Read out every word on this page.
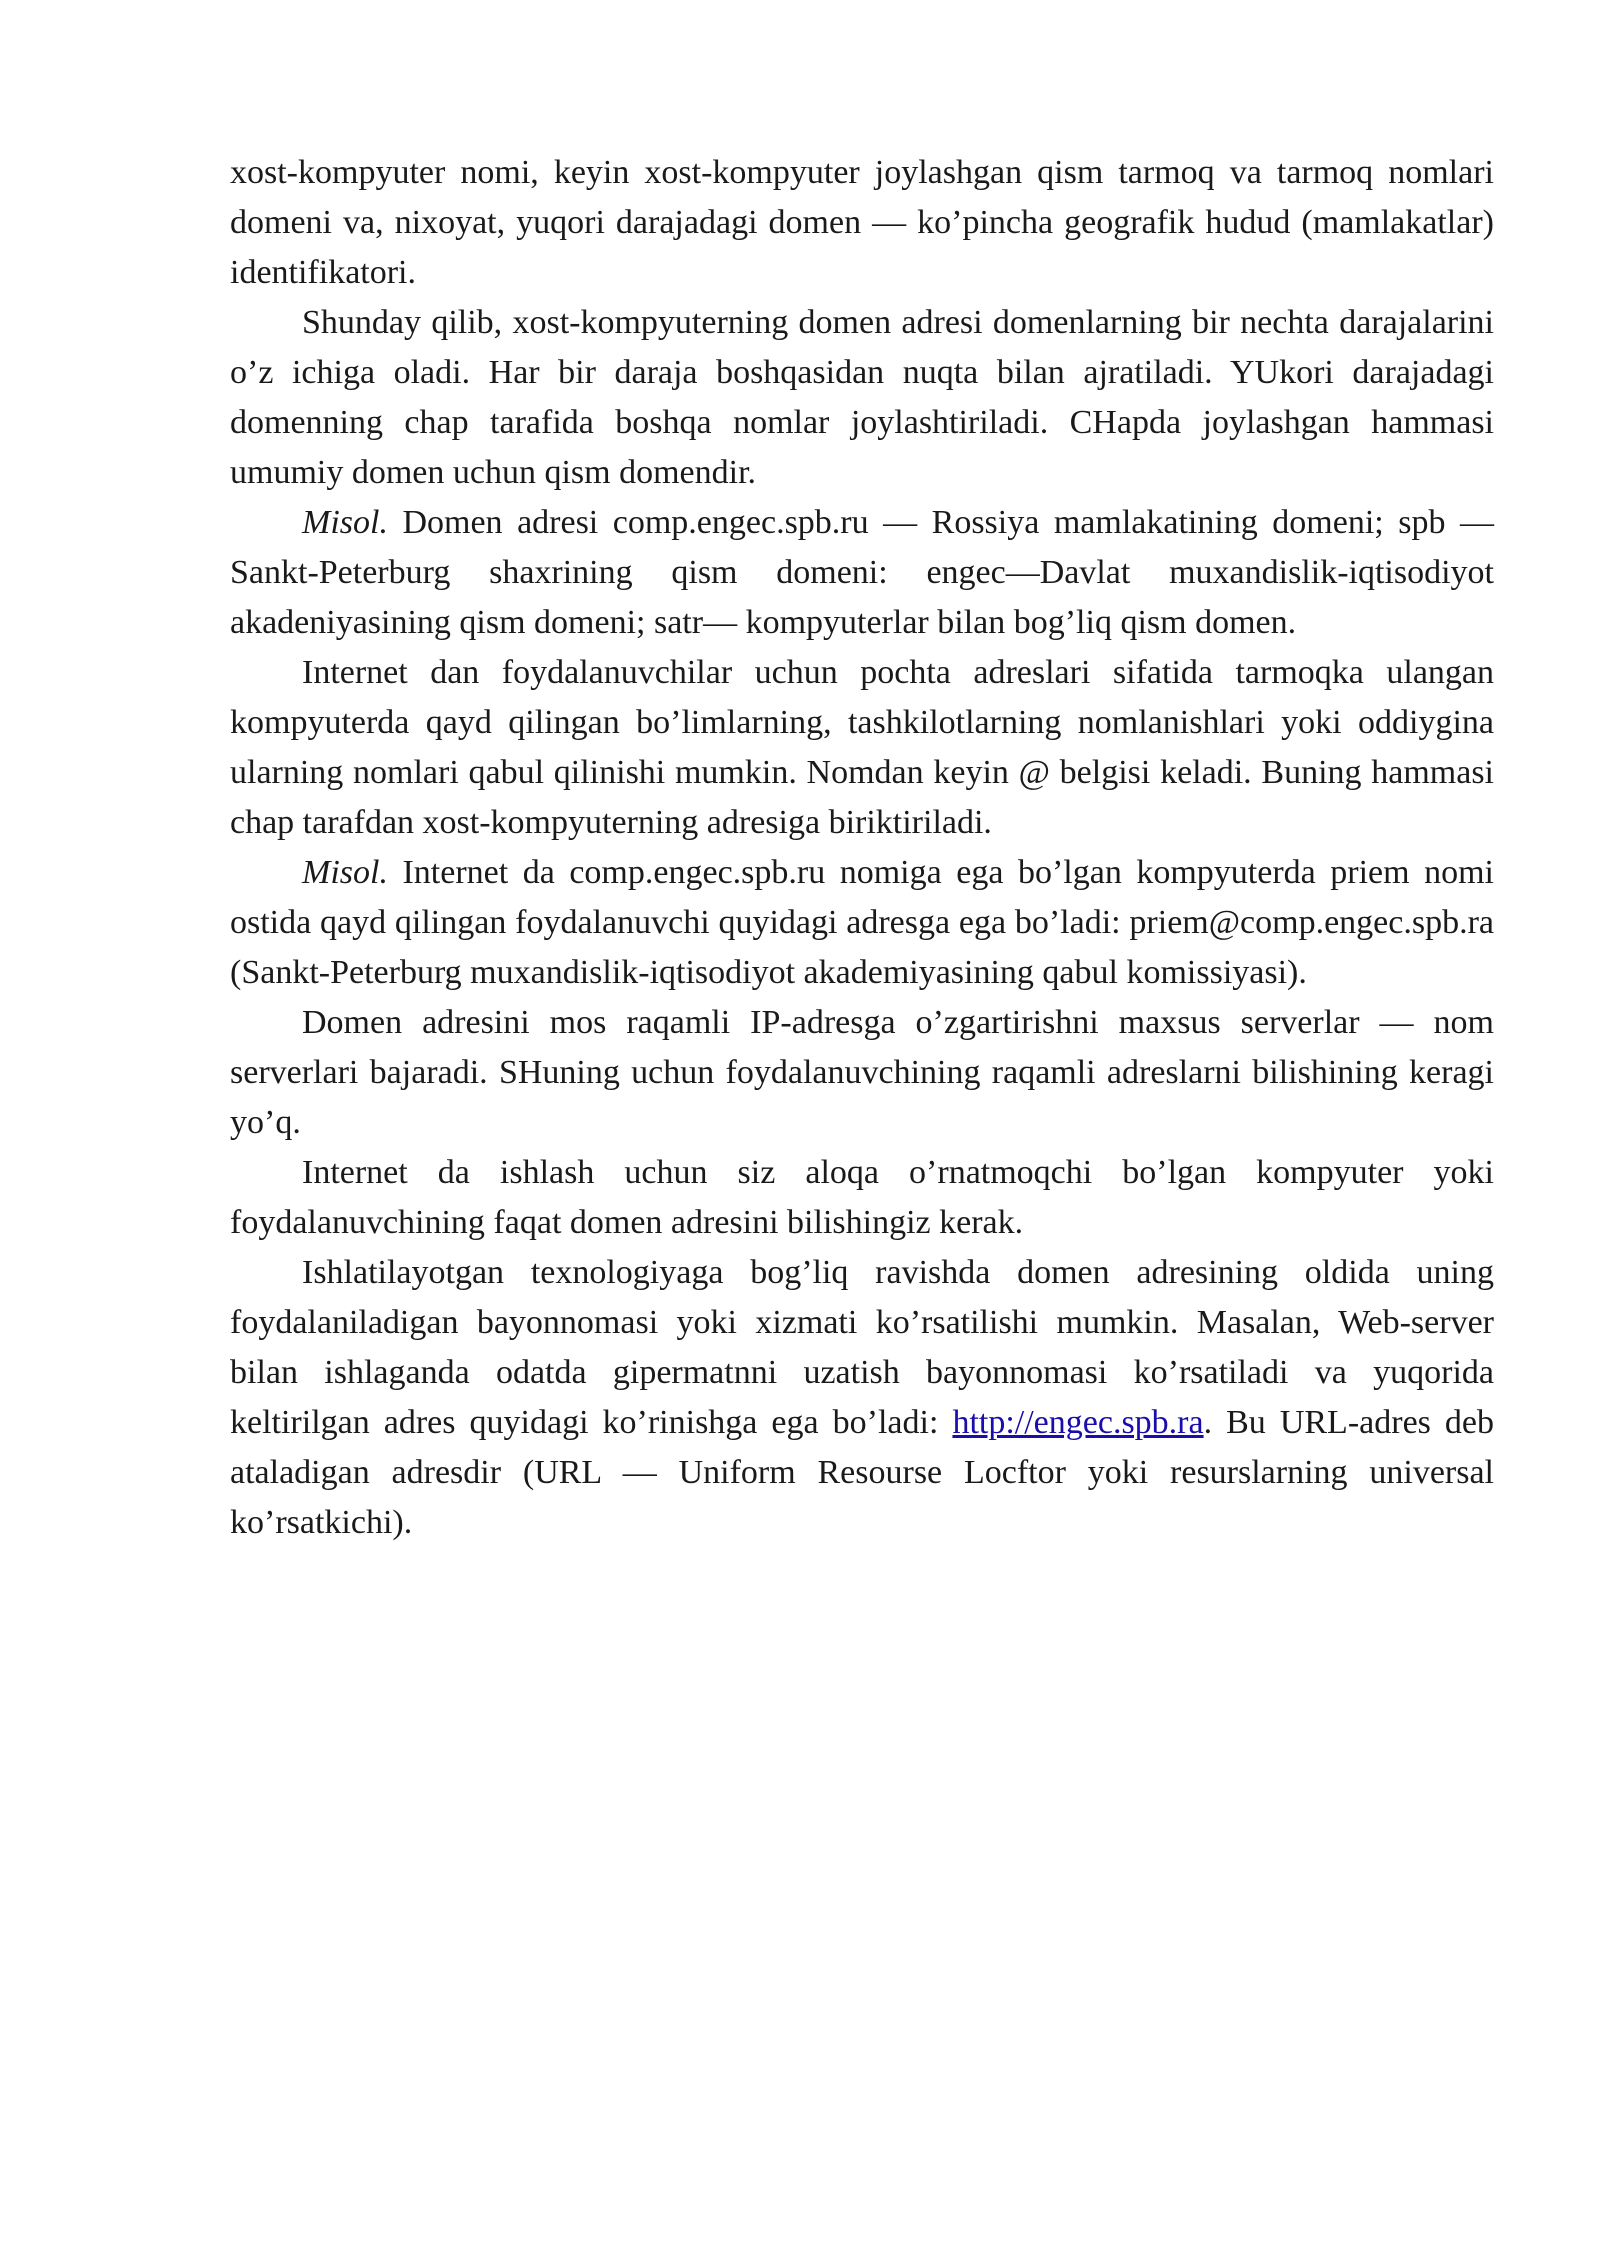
xost-kompyuter nomi, keyin xost-kompyuter joylashgan qism tarmoq va tarmoq nomlari domeni va, nixoyat, yuqori darajadagi domen — ko’pincha geografik hudud (mamlakatlar) identifikatori.

Shunday qilib, xost-kompyuterning domen adresi domenlarning bir nechta darajalarini o’z ichiga oladi. Har bir daraja boshqasidan nuqta bilan ajratiladi. YUkori darajadagi domenning chap tarafida boshqa nomlar joylashtiriladi. CHapda joylashgan hammasi umumiy domen uchun qism domendir.

Misol. Domen adresi comp.engec.spb.ru — Rossiya mamlakatining domeni; spb — Sankt-Peterburg shaxrining qism domeni: engec—Davlat muxandislik-iqtisodiyot akadeniyasining qism domeni; satr— kompyuterlar bilan bog’liq qism domen.

Internet dan foydalanuvchilar uchun pochta adreslari sifatida tarmoqka ulangan kompyuterda qayd qilingan bo’limlarning, tashkilotlarning nomlanishlari yoki oddiygina ularning nomlari qabul qilinishi mumkin. Nomdan keyin @ belgisi keladi. Buning hammasi chap tarafdan xost-kompyuterning adresiga biriktiriladi.

Misol. Internet da comp.engec.spb.ru nomiga ega bo’lgan kompyuterda priem nomi ostida qayd qilingan foydalanuvchi quyidagi adresga ega bo’ladi: priem@comp.engec.spb.ra (Sankt-Peterburg muxandislik-iqtisodiyot akademiyasining qabul komissiyasi).

Domen adresini mos raqamli IP-adresga o’zgartirishni maxsus serverlar — nom serverlari bajaradi. SHuning uchun foydalanuvchining raqamli adreslarni bilishining keragi yo’q.

Internet da ishlash uchun siz aloqa o’rnatmoqchi bo’lgan kompyuter yoki foydalanuvchining faqat domen adresini bilishingiz kerak.

Ishlatilayotgan texnologiyaga bog’liq ravishda domen adresining oldida uning foydalaniladigan bayonnomasi yoki xizmati ko’rsatilishi mumkin. Masalan, Web-server bilan ishlaganda odatda gipermatnni uzatish bayonnomasi ko’rsatiladi va yuqorida keltirilgan adres quyidagi ko’rinishga ega bo’ladi: http://engec.spb.ra. Bu URL-adres deb ataladigan adresdir (URL — Uniform Resourse Locftor yoki resurslarning universal ko’rsatkichi).
